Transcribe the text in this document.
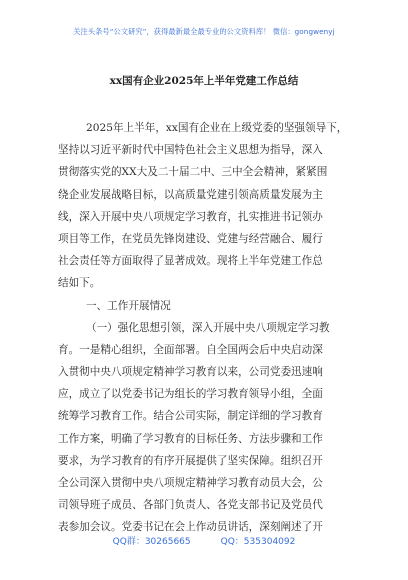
关注头条号“公文研究”，获得最新最全最专业的公文资料库！ 微信：gongwenyj
xx国有企业2025年上半年党建工作总结
2025年上半年，xx国有企业在上级党委的坚强领导下，
坚持以习近平新时代中国特色社会主义思想为指导，深入
贯彻落实党的XX大及二十届二中、三中全会精神，紧紧围
绕企业发展战略目标，以高质量党建引领高质量发展为主
线，深入开展中央八项规定学习教育，扎实推进书记领办
项目等工作，在党员先锋岗建设、党建与经营融合、履行
社会责任等方面取得了显著成效。现将上半年党建工作总
结如下。
一、工作开展情况
（一）强化思想引领，深入开展中央八项规定学习教
育。一是精心组织，全面部署。自全国两会后中央启动深
入贯彻中央八项规定精神学习教育以来，公司党委迅速响
应，成立了以党委书记为组长的学习教育领导小组，全面
统筹学习教育工作。结合公司实际，制定详细的学习教育
工作方案，明确了学习教育的目标任务、方法步骤和工作
要求，为学习教育的有序开展提供了坚实保障。组织召开
全公司深入贯彻中央八项规定精神学习教育动员大会，公
司领导班子成员、各部门负责人、各党支部书记及党员代
表参加会议。党委书记在会上作动员讲话，深刻阐述了开
QQ群：30265665	QQ：535304092
